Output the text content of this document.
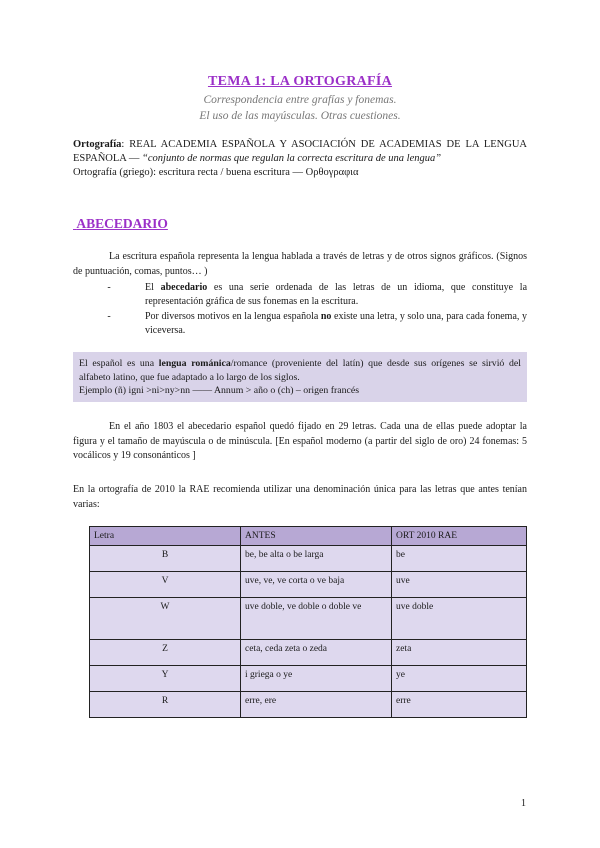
TEMA 1: LA ORTOGRAFÍA
Correspondencia entre grafías y fonemas.
El uso de las mayúsculas. Otras cuestiones.
Ortografía: REAL ACADEMIA ESPAÑOLA Y ASOCIACIÓN DE ACADEMIAS DE LA LENGUA ESPAÑOLA — “conjunto de normas que regulan la correcta escritura de una lengua”
Ortografía (griego): escritura recta / buena escritura — Ορθογραφια
ABECEDARIO
La escritura española representa la lengua hablada a través de letras y de otros signos gráficos. (Signos de puntuación, comas, puntos… )
-	El abecedario es una serie ordenada de las letras de un idioma, que constituye la representación gráfica de sus fonemas en la escritura.
-	Por diversos motivos en la lengua española no existe una letra, y solo una, para cada fonema, y viceversa.
El español es una lengua románica/romance (proveniente del latín) que desde sus orígenes se sirvió del alfabeto latino, que fue adaptado a lo largo de los siglos.
Ejemplo (ñ) igni >ni>ny>nn —— Annum > año o (ch) – origen francés
En el año 1803 el abecedario español quedó fijado en 29 letras. Cada una de ellas puede adoptar la figura y el tamaño de mayúscula o de minúscula. [En español moderno (a partir del siglo de oro) 24 fonemas: 5 vocálicos y 19 consonánticos ]
En la ortografía de 2010 la RAE recomienda utilizar una denominación única para las letras que antes tenían varias:
Letra	ANTES	ORT 2010 RAE
B	be, be alta o be larga	be
V	uve, ve, ve corta o ve baja	uve
W	uve doble, ve doble o doble ve	uve doble
Z	ceta, ceda zeta o zeda	zeta
Y	i griega o ye	ye
R	erre, ere	erre
1
